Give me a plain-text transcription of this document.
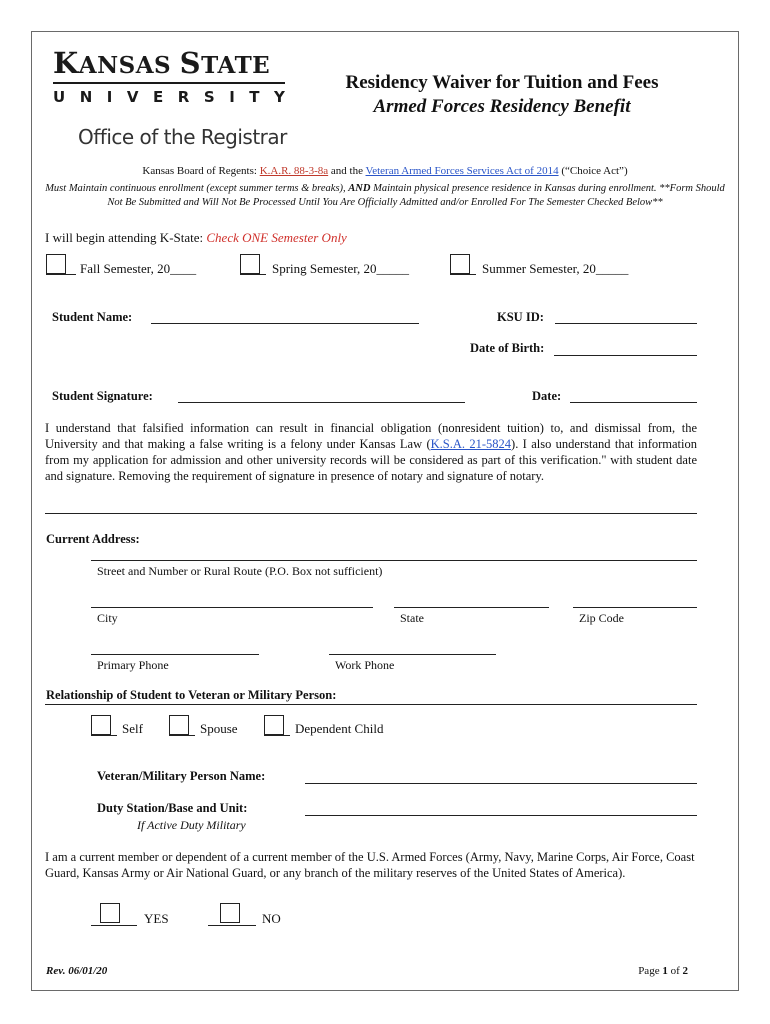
KANSAS STATE
U N I V E R S I T Y
Office of the Registrar
Residency Waiver for Tuition and Fees
Armed Forces Residency Benefit
Kansas Board of Regents: K.A.R. 88-3-8a and the Veteran Armed Forces Services Act of 2014 (“Choice Act”)
Must Maintain continuous enrollment (except summer terms & breaks), AND Maintain physical presence residence in Kansas during enrollment. **Form Should Not Be Submitted and Will Not Be Processed Until You Are Officially Admitted and/or Enrolled For The Semester Checked Below**
I will begin attending K-State: Check ONE Semester Only
Fall Semester, 20____	Spring Semester, 20_____	Summer Semester, 20_____
Student Name:	KSU ID:
Date of Birth:
Student Signature:	Date:
I understand that falsified information can result in financial obligation (nonresident tuition) to, and dismissal from, the University and that making a false writing is a felony under Kansas Law (K.S.A. 21-5824). I also understand that information from my application for admission and other university records will be considered as part of this verification." with student date and signature. Removing the requirement of signature in presence of notary and signature of notary.
Current Address:
Street and Number or Rural Route (P.O. Box not sufficient)
City	State	Zip Code
Primary Phone	Work Phone
Relationship of Student to Veteran or Military Person:
Self	Spouse	Dependent Child
Veteran/Military Person Name:
Duty Station/Base and Unit:
If Active Duty Military
I am a current member or dependent of a current member of the U.S. Armed Forces (Army, Navy, Marine Corps, Air Force, Coast Guard, Kansas Army or Air National Guard, or any branch of the military reserves of the United States of America).
YES	NO
Rev. 06/01/20	Page 1 of 2
